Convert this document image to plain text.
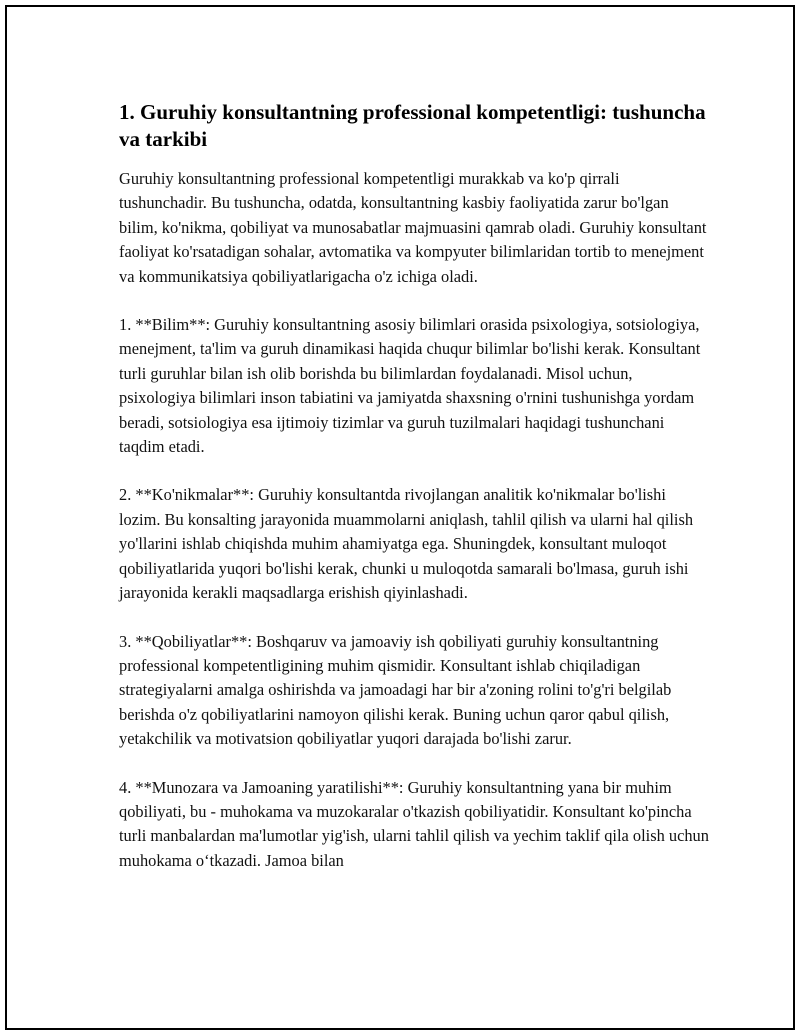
1. Guruhiy konsultantning professional kompetentligi: tushuncha va tarkibi

Guruhiy konsultantning professional kompetentligi murakkab va ko'p qirrali tushunchadir. Bu tushuncha, odatda, konsultantning kasbiy faoliyatida zarur bo'lgan bilim, ko'nikma, qobiliyat va munosabatlar majmuasini qamrab oladi. Guruhiy konsultant faoliyat ko'rsatadigan sohalar, avtomatika va kompyuter bilimlaridan tortib to menejment va kommunikatsiya qobiliyatlarigacha o'z ichiga oladi.

1. **Bilim**: Guruhiy konsultantning asosiy bilimlari orasida psixologiya, sotsiologiya, menejment, ta'lim va guruh dinamikasi haqida chuqur bilimlar bo'lishi kerak. Konsultant turli guruhlar bilan ish olib borishda bu bilimlardan foydalanadi. Misol uchun, psixologiya bilimlari inson tabiatini va jamiyatda shaxsning o'rnini tushunishga yordam beradi, sotsiologiya esa ijtimoiy tizimlar va guruh tuzilmalari haqidagi tushunchani taqdim etadi.

2. **Ko'nikmalar**: Guruhiy konsultantda rivojlangan analitik ko'nikmalar bo'lishi lozim. Bu konsalting jarayonida muammolarni aniqlash, tahlil qilish va ularni hal qilish yo'llarini ishlab chiqishda muhim ahamiyatga ega. Shuningdek, konsultant muloqot qobiliyatlarida yuqori bo'lishi kerak, chunki u muloqotda samarali bo'lmasa, guruh ishi jarayonida kerakli maqsadlarga erishish qiyinlashadi.

3. **Qobiliyatlar**: Boshqaruv va jamoaviy ish qobiliyati guruhiy konsultantning professional kompetentligining muhim qismidir. Konsultant ishlab chiqiladigan strategiyalarni amalga oshirishda va jamoadagi har bir a'zoning rolini to'g'ri belgilab berishda o'z qobiliyatlarini namoyon qilishi kerak. Buning uchun qaror qabul qilish, yetakchilik va motivatsion qobiliyatlar yuqori darajada bo'lishi zarur.

4. **Munozara va Jamoaning yaratilishi**: Guruhiy konsultantning yana bir muhim qobiliyati, bu - muhokama va muzokaralar o'tkazish qobiliyatidir. Konsultant ko'pincha turli manbalardan ma'lumotlar yig'ish, ularni tahlil qilish va yechim taklif qila olish uchun muhokama o‘tkazadi. Jamoa bilan
